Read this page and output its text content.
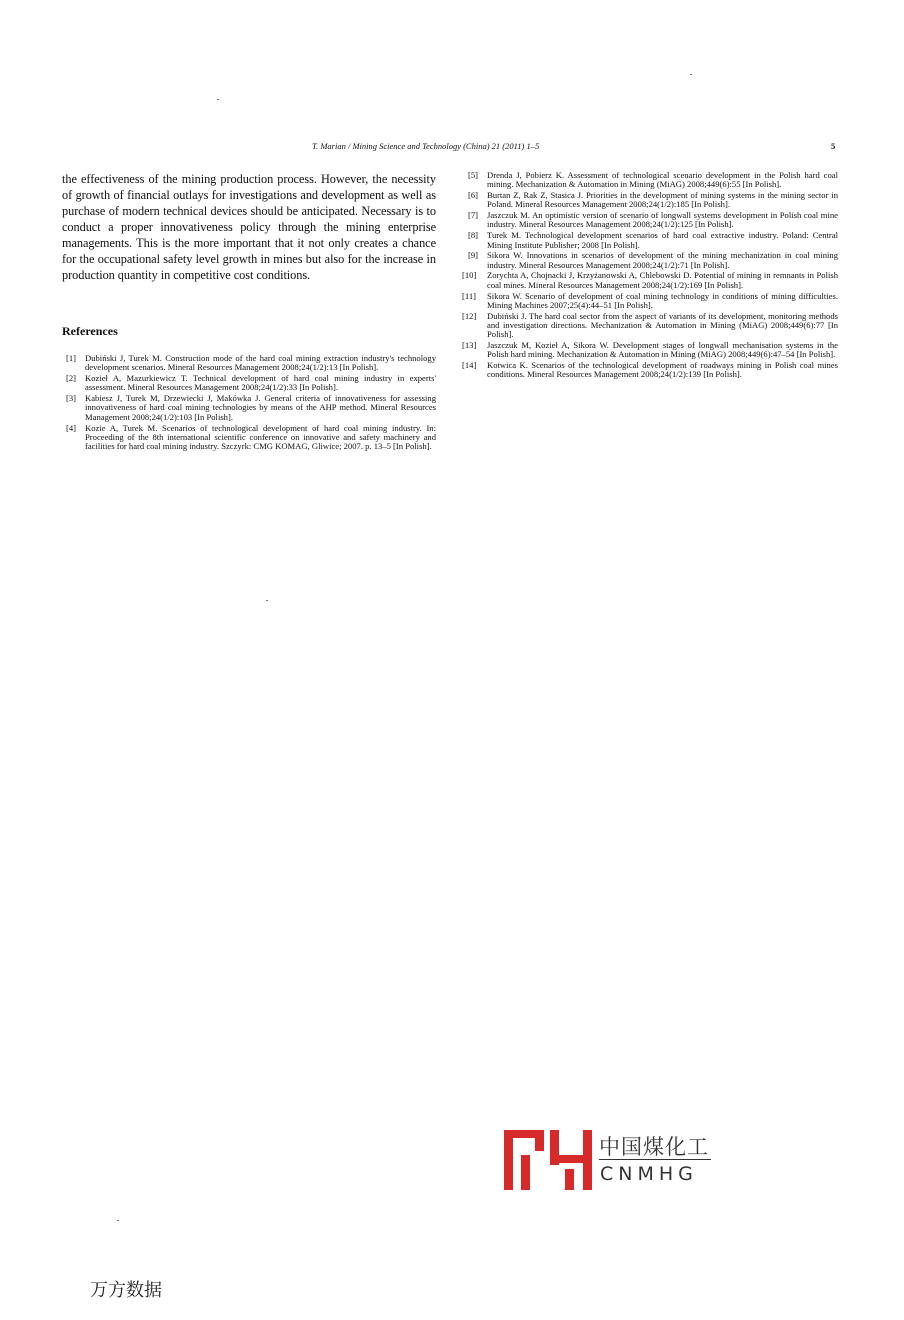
T. Marian / Mining Science and Technology (China) 21 (2011) 1–5	5

the effectiveness of the mining production process. However, the necessity of growth of financial outlays for investigations and development as well as purchase of modern technical devices should be anticipated. Necessary is to conduct a proper innovativeness policy through the mining enterprise managements. This is the more important that it not only creates a chance for the occupational safety level growth in mines but also for the increase in production quantity in competitive cost conditions.

References
[1]	Dubiński J, Turek M. Construction mode of the hard coal mining extraction industry's technology development scenarios. Mineral Resources Management 2008;24(1/2):13 [In Polish].
[2]	Kozieł A, Mazurkiewicz T. Technical development of hard coal mining industry in experts' assessment. Mineral Resources Management 2008;24(1/2):33 [In Polish].
[3]	Kabiesz J, Turek M, Drzewiecki J, Makówka J. General criteria of innovativeness for assessing innovativeness of hard coal mining technologies by means of the AHP method. Mineral Resources Management 2008;24(1/2):103 [In Polish].
[4]	Kozie A, Turek M. Scenarios of technological development of hard coal mining industry. In: Proceeding of the 8th international scientific conference on innovative and safety machinery and facilities for hard coal mining industry. Szczyrk: CMG KOMAG, Gliwice; 2007. p. 13–5 [In Polish].
[5]	Drenda J, Pobierz K. Assessment of technological scenario development in the Polish hard coal mining. Mechanization & Automation in Mining (MiAG) 2008;449(6):55 [In Polish].
[6]	Burtan Z, Rak Z, Stasica J. Priorities in the development of mining systems in the mining sector in Poland. Mineral Resources Management 2008;24(1/2):185 [In Polish].
[7]	Jaszczuk M. An optimistic version of scenario of longwall systems development in Polish coal mine industry. Mineral Resources Management 2008;24(1/2):125 [In Polish].
[8]	Turek M. Technological development scenarios of hard coal extractive industry. Poland: Central Mining Institute Publisher; 2008 [In Polish].
[9]	Sikora W. Innovations in scenarios of development of the mining mechanization in coal mining industry. Mineral Resources Management 2008;24(1/2):71 [In Polish].
[10]	Zorychta A, Chojnacki J, Krzyżanowski A, Chlebowski D. Potential of mining in remnants in Polish coal mines. Mineral Resources Management 2008;24(1/2):169 [In Polish].
[11]	Sikora W. Scenario of development of coal mining technology in conditions of mining difficulties. Mining Machines 2007;25(4):44–51 [In Polish].
[12]	Dubiński J. The hard coal sector from the aspect of variants of its development, monitoring methods and investigation directions. Mechanization & Automation in Mining (MiAG) 2008;449(6):77 [In Polish].
[13]	Jaszczuk M, Kozieł A, Sikora W. Development stages of longwall mechanisation systems in the Polish hard mining. Mechanization & Automation in Mining (MiAG) 2008;449(6):47–54 [In Polish].
[14]	Kotwica K. Scenarios of the technological development of roadways mining in Polish coal mines conditions. Mineral Resources Management 2008;24(1/2):139 [In Polish].
中国煤化工
CNMHG
万方数据
